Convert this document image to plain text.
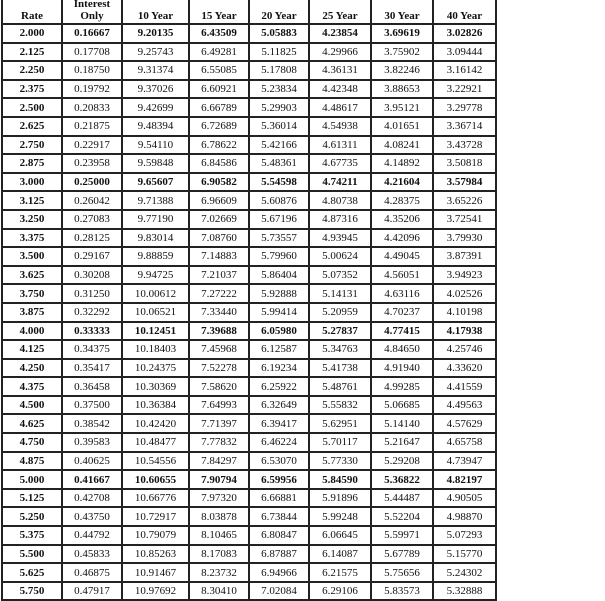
Rate	Interest Only	10 Year	15 Year	20 Year	25 Year	30 Year	40 Year
2.000	0.16667	9.20135	6.43509	5.05883	4.23854	3.69619	3.02826
2.125	0.17708	9.25743	6.49281	5.11825	4.29966	3.75902	3.09444
2.250	0.18750	9.31374	6.55085	5.17808	4.36131	3.82246	3.16142
2.375	0.19792	9.37026	6.60921	5.23834	4.42348	3.88653	3.22921
2.500	0.20833	9.42699	6.66789	5.29903	4.48617	3.95121	3.29778
2.625	0.21875	9.48394	6.72689	5.36014	4.54938	4.01651	3.36714
2.750	0.22917	9.54110	6.78622	5.42166	4.61311	4.08241	3.43728
2.875	0.23958	9.59848	6.84586	5.48361	4.67735	4.14892	3.50818
3.000	0.25000	9.65607	6.90582	5.54598	4.74211	4.21604	3.57984
3.125	0.26042	9.71388	6.96609	5.60876	4.80738	4.28375	3.65226
3.250	0.27083	9.77190	7.02669	5.67196	4.87316	4.35206	3.72541
3.375	0.28125	9.83014	7.08760	5.73557	4.93945	4.42096	3.79930
3.500	0.29167	9.88859	7.14883	5.79960	5.00624	4.49045	3.87391
3.625	0.30208	9.94725	7.21037	5.86404	5.07352	4.56051	3.94923
3.750	0.31250	10.00612	7.27222	5.92888	5.14131	4.63116	4.02526
3.875	0.32292	10.06521	7.33440	5.99414	5.20959	4.70237	4.10198
4.000	0.33333	10.12451	7.39688	6.05980	5.27837	4.77415	4.17938
4.125	0.34375	10.18403	7.45968	6.12587	5.34763	4.84650	4.25746
4.250	0.35417	10.24375	7.52278	6.19234	5.41738	4.91940	4.33620
4.375	0.36458	10.30369	7.58620	6.25922	5.48761	4.99285	4.41559
4.500	0.37500	10.36384	7.64993	6.32649	5.55832	5.06685	4.49563
4.625	0.38542	10.42420	7.71397	6.39417	5.62951	5.14140	4.57629
4.750	0.39583	10.48477	7.77832	6.46224	5.70117	5.21647	4.65758
4.875	0.40625	10.54556	7.84297	6.53070	5.77330	5.29208	4.73947
5.000	0.41667	10.60655	7.90794	6.59956	5.84590	5.36822	4.82197
5.125	0.42708	10.66776	7.97320	6.66881	5.91896	5.44487	4.90505
5.250	0.43750	10.72917	8.03878	6.73844	5.99248	5.52204	4.98870
5.375	0.44792	10.79079	8.10465	6.80847	6.06645	5.59971	5.07293
5.500	0.45833	10.85263	8.17083	6.87887	6.14087	5.67789	5.15770
5.625	0.46875	10.91467	8.23732	6.94966	6.21575	5.75656	5.24302
5.750	0.47917	10.97692	8.30410	7.02084	6.29106	5.83573	5.32888
